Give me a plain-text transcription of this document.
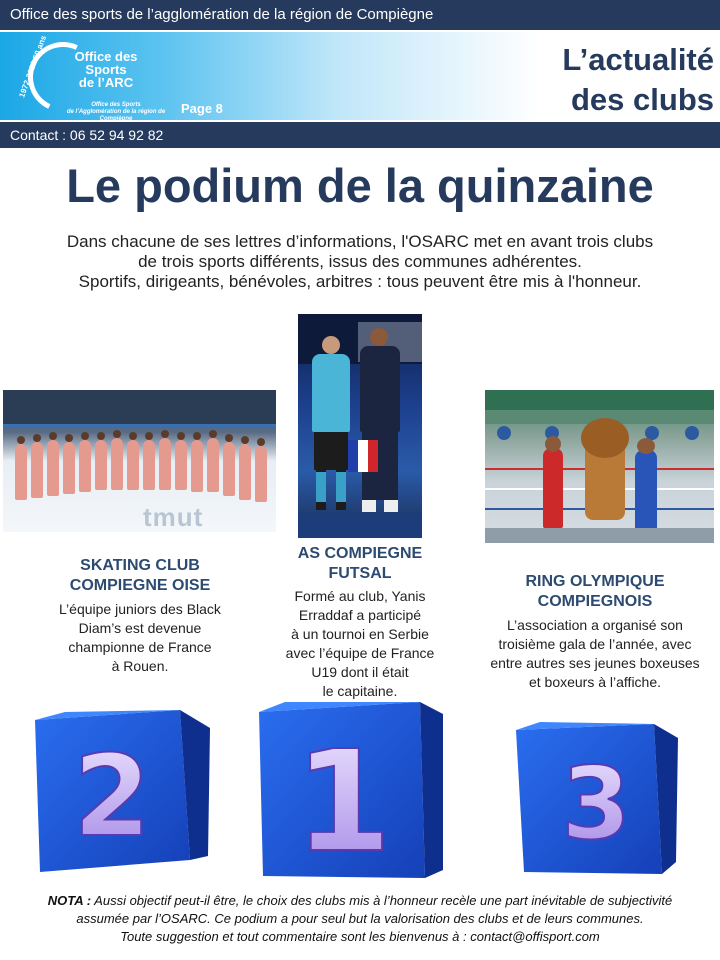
Office des sports de l’agglomération de la région de Compiègne
1972-2022 50 ans	Office des
Sports
de l’ARC
Office des Sports
de l’Agglomération de la région de Compiègne
Page 8
L’actualité
des clubs
Contact : 06 52 94 92 82
Le podium de la quinzaine
Dans chacune de ses lettres d’informations, l'OSARC met en avant trois clubs
de trois sports différents, issus des communes adhérentes.
Sportifs, dirigeants, bénévoles, arbitres : tous peuvent être mis à l'honneur.
tmut
SKATING CLUB
COMPIEGNE OISE
L’équipe juniors des Black
Diam’s est devenue
championne de France
à Rouen.
AS COMPIEGNE
FUTSAL
Formé au club, Yanis
Erraddaf a participé
à un tournoi en Serbie
avec l’équipe de France
U19 dont il était
le capitaine.
RING OLYMPIQUE
COMPIEGNOIS
L’association a organisé son
troisième gala de l’année, avec
entre autres ses jeunes boxeuses
et boxeurs à l’affiche.
2 1 3
NOTA : Aussi objectif peut-il être, le choix des clubs mis à l’honneur recèle une part inévitable de subjectivité
assumée par l’OSARC. Ce podium a pour seul but la valorisation des clubs et de leurs communes.
Toute suggestion et tout commentaire sont les bienvenus à : contact@offisport.com
